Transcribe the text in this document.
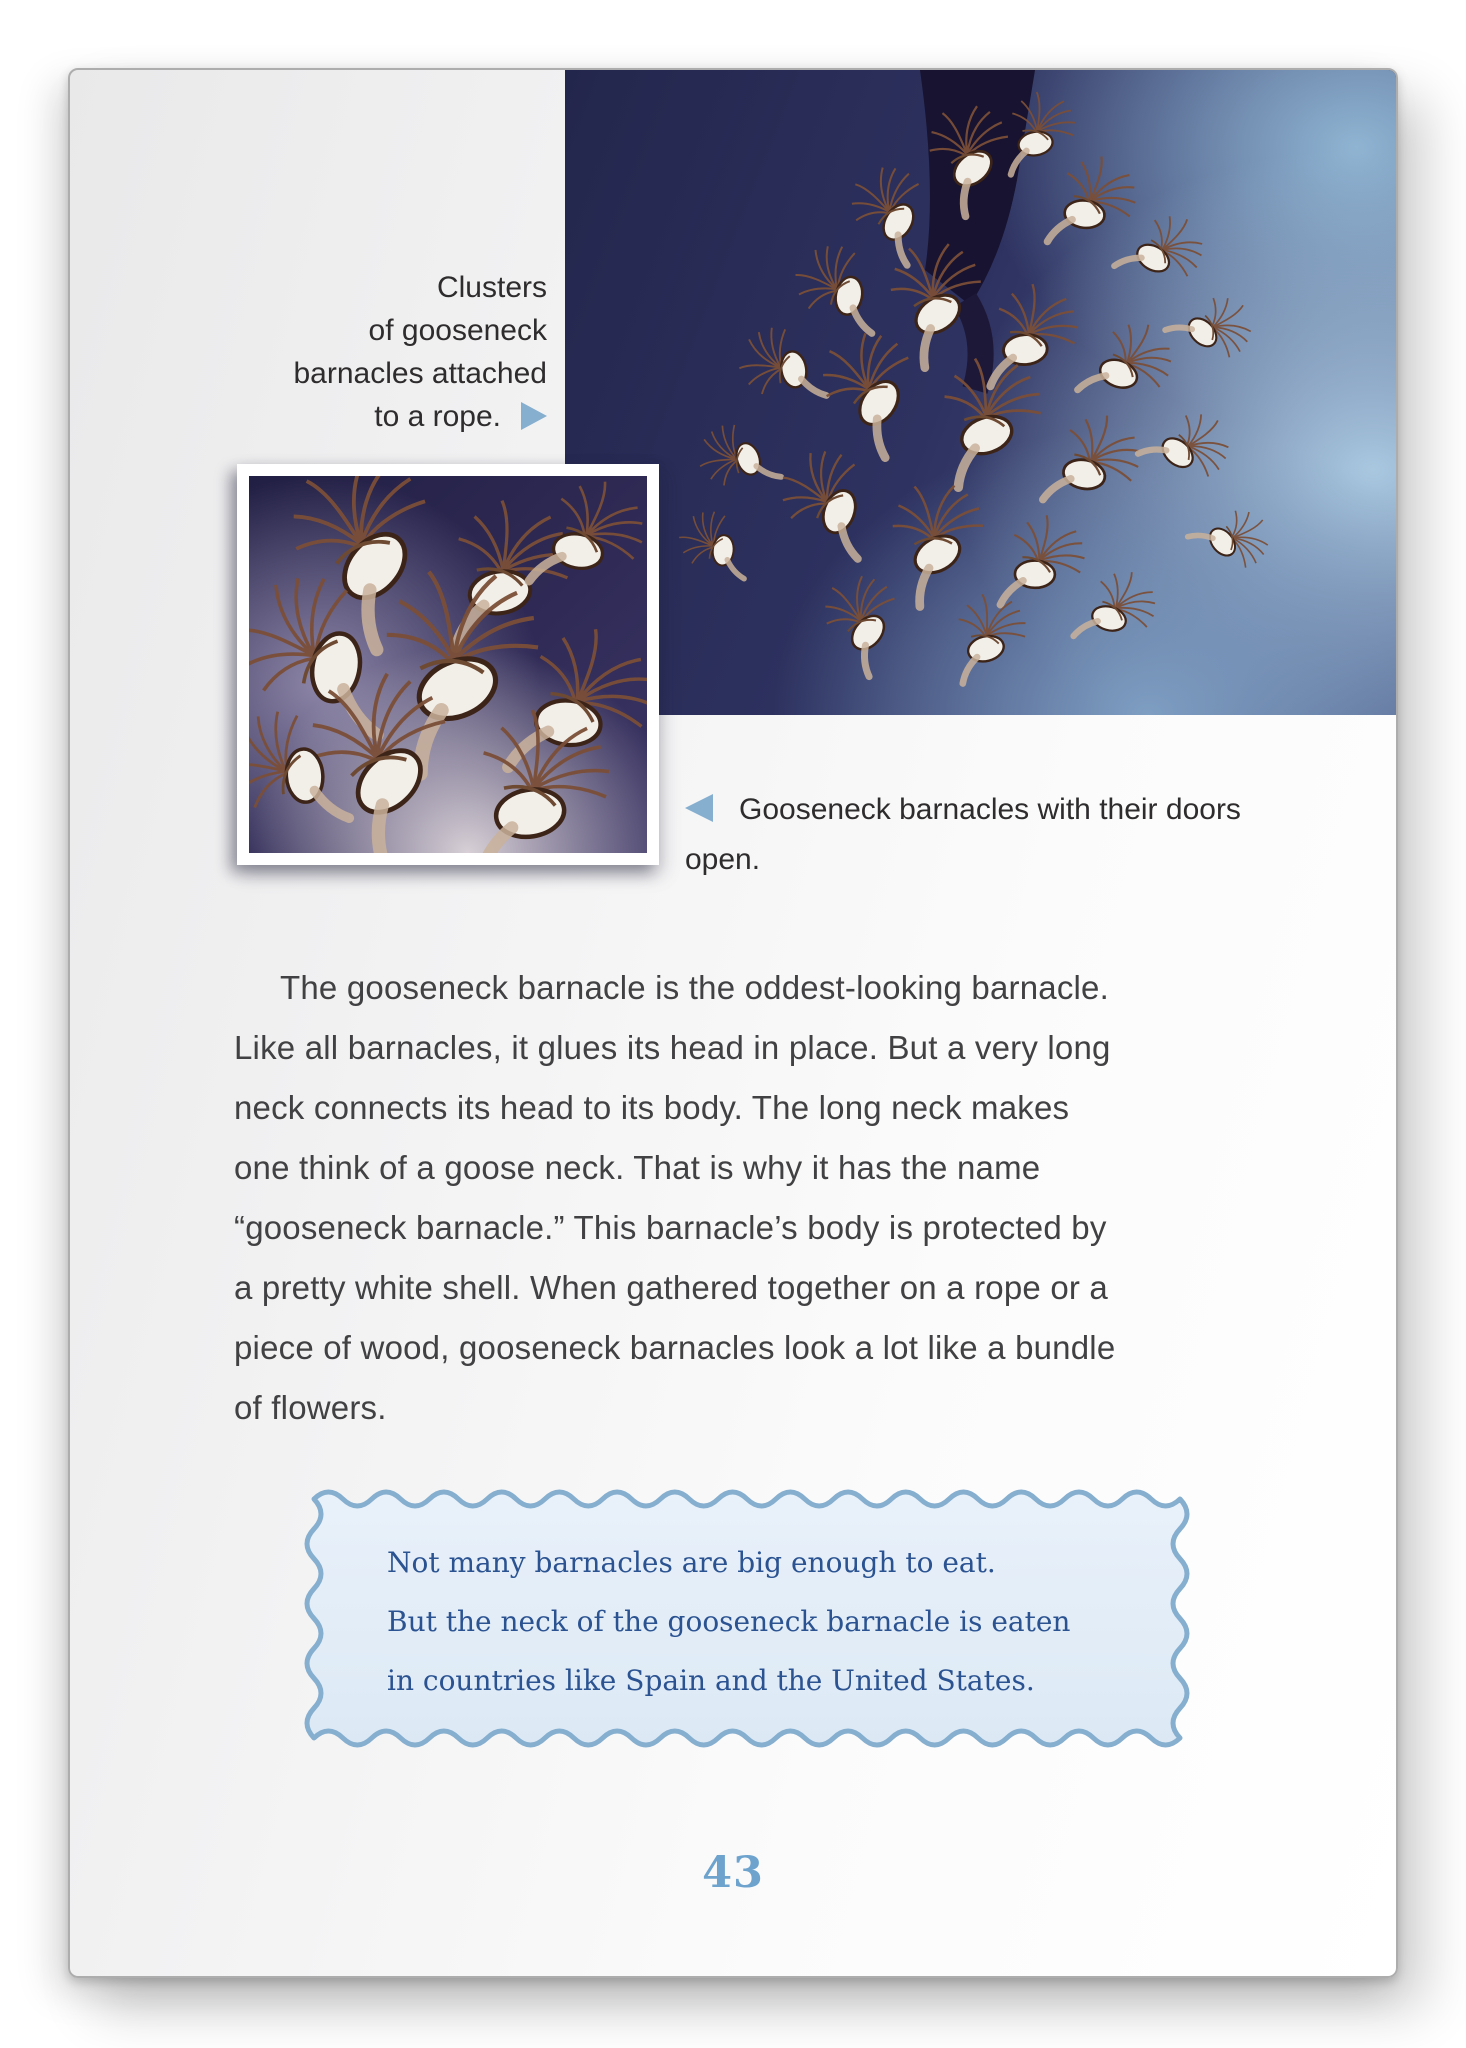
Clusters
of gooseneck
barnacles attached
to a rope.
Gooseneck barnacles with their doors open.

The gooseneck barnacle is the oddest-looking barnacle.
Like all barnacles, it glues its head in place. But a very long
neck connects its head to its body. The long neck makes
one think of a goose neck. That is why it has the name
“gooseneck barnacle.” This barnacle’s body is protected by
a pretty white shell. When gathered together on a rope or a
piece of wood, gooseneck barnacles look a lot like a bundle
of flowers.

Not many barnacles are big enough to eat.
But the neck of the gooseneck barnacle is eaten
in countries like Spain and the United States.
43
